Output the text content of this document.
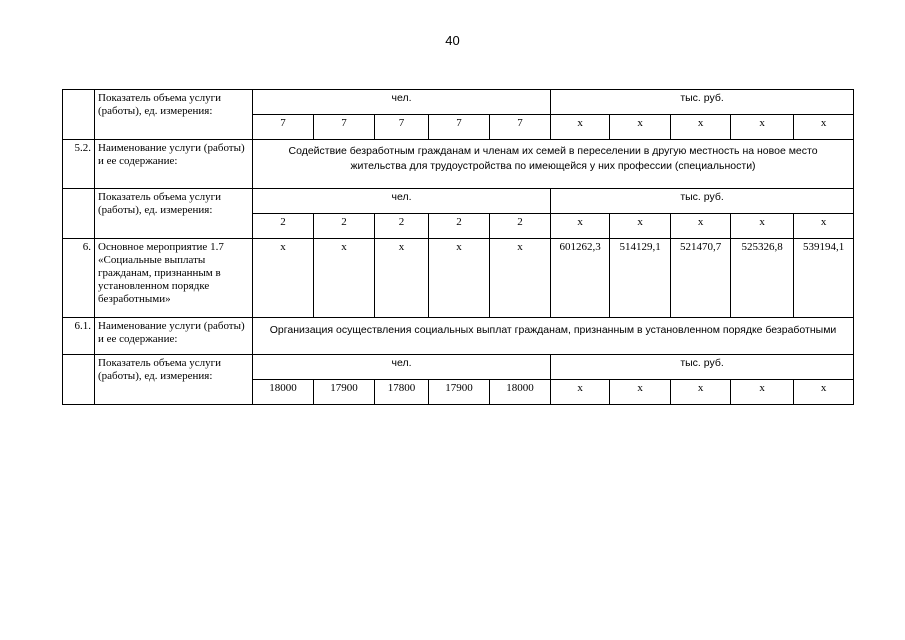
40
	Показатель объема услуги (работы), ед. измерения:	чел.					тыс. руб.				
		7	7	7	7	7	х	х	х	х	х
5.2.	Наименование услуги (работы) и ее содержание:	Содействие безработным гражданам и членам их семей в переселении в другую местность на новое место жительства для трудоустройства по имеющейся у них профессии (специальности)									
	Показатель объема услуги (работы), ед. измерения:	чел.					тыс. руб.				
		2	2	2	2	2	х	х	х	х	х
6.	Основное мероприятие 1.7 «Социальные выплаты гражданам, признанным в установленном порядке безработными»	х	х	х	х	х	601262,3	514129,1	521470,7	525326,8	539194,1
6.1.	Наименование услуги (работы) и ее содержание:	Организация осуществления социальных выплат гражданам, признанным в установленном порядке безработными									
	Показатель объема услуги (работы), ед. измерения:	чел.					тыс. руб.				
		18000	17900	17800	17900	18000	х	х	х	х	х
